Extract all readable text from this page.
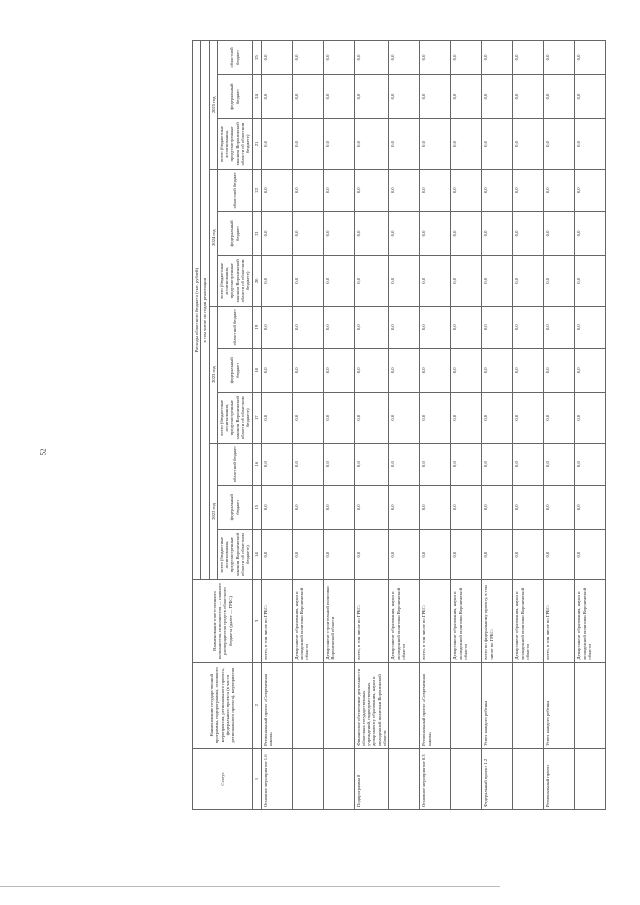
52
Статус	Наименование государственной программы, подпрограммы, основного мероприятия, регионального проекта, федерального проекта (в части регионального проекта), мероприятия	Наименование ответственного исполнителя, исполнителя — главного распорядителя средств областного бюджета (далее — ГРБС)	Расходы областного бюджета (тыс. рублей)											
			в том числе по годам реализации											
			2022 год			2023 год			2024 год			2025 год		
			всего (бюджетные ассигнования, предусмотренные законом Воронежской области об областном бюджете)	федеральный бюджет	областной бюджет	всего (бюджетные ассигнования, предусмотренные законом Воронежской области об областном бюджете)	федеральный бюджет	областной бюджет	всего (бюджетные ассигнования, предусмотренные законом Воронежской области об областном бюджете)	федеральный бюджет	областной бюджет	всего (бюджетные ассигнования, предусмотренные законом Воронежской области об областном бюджете)	федеральный бюджет	областной бюджет
1	2	3	14	15	16	17	18	19	20	21	22	21	24	25
Основное мероприятие 1.6	Региональный проект «Современная школа»	всего, в том числе по ГРБС:	0,0	0,0	0,0	0,0	0,0	0,0	0,0	0,0	0,0	0,0	0,0	0,0
		Департамент образования, науки и молодежной политики Воронежской области	0,0	0,0	0,0	0,0	0,0	0,0	0,0	0,0	0,0	0,0	0,0	0,0
		Департамент строительной политики Воронежской области	0,0	0,0	0,0	0,0	0,0	0,0	0,0	0,0	0,0	0,0	0,0	0,0
Подпрограмма 8	Финансовое обеспечение деятельности областных государственных учреждений, подведомственных департаменту образования, науки и молодежной политики Воронежской области	всего, в том числе по ГРБС:	0,0	0,0	0,0	0,0	0,0	0,0	0,0	0,0	0,0	0,0	0,0	0,0
		Департамент образования, науки и молодежной политики Воронежской области	0,0	0,0	0,0	0,0	0,0	0,0	0,0	0,0	0,0	0,0	0,0	0,0
Основное мероприятие 8.3	Региональный проект «Современная школа»	всего, в том числе по ГРБС:	0,0	0,0	0,0	0,0	0,0	0,0	0,0	0,0	0,0	0,0	0,0	0,0
		Департамент образования, науки и молодежной политики Воронежской области	0,0	0,0	0,0	0,0	0,0	0,0	0,0	0,0	0,0	0,0	0,0	0,0
Федеральный проект 1.2	Успех каждого ребенка	всего по федеральному проекту, в том числе по ГРБС:	0,0	0,0	0,0	0,0	0,0	0,0	0,0	0,0	0,0	0,0	0,0	0,0
		Департамент образования, науки и молодежной политики Воронежской области	0,0	0,0	0,0	0,0	0,0	0,0	0,0	0,0	0,0	0,0	0,0	0,0
Региональный проект	Успех каждого ребенка	всего, в том числе по ГРБС:	0,0	0,0	0,0	0,0	0,0	0,0	0,0	0,0	0,0	0,0	0,0	0,0
		Департамент образования, науки и молодежной политики Воронежской области	0,0	0,0	0,0	0,0	0,0	0,0	0,0	0,0	0,0	0,0	0,0	0,0
